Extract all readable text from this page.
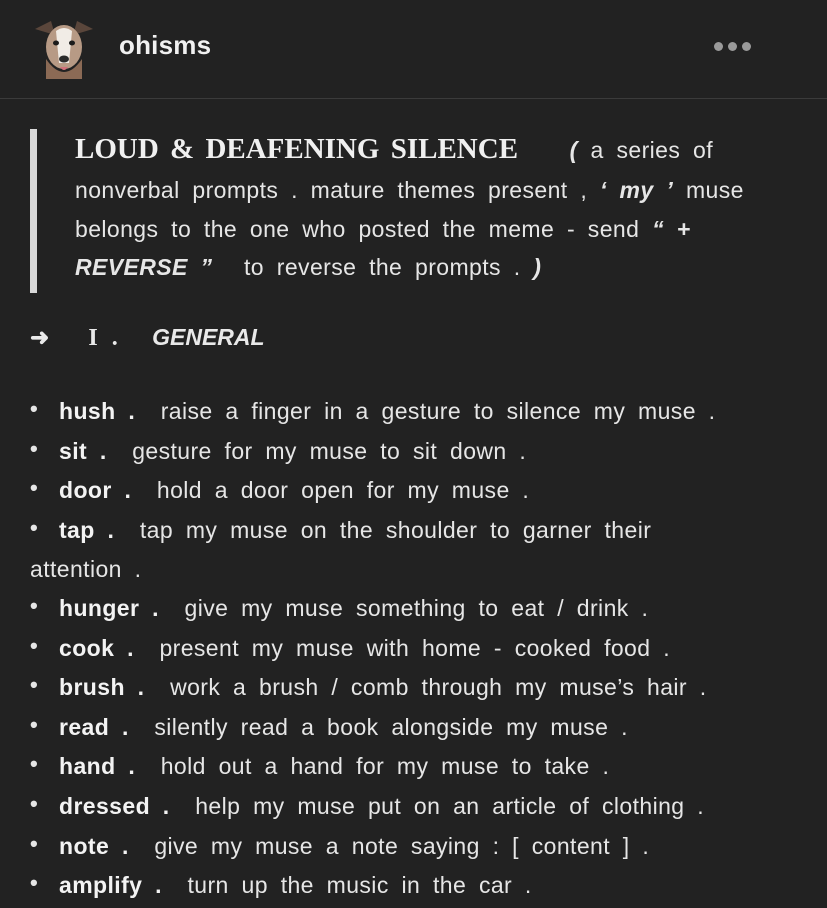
ohisms
LOUD & DEAFENING SILENCE ( a series of
nonverbal prompts . mature themes present , ‘ my ’ muse
belongs to the one who posted the meme - send “ +
REVERSE ” to reverse the prompts . )
➜ I . GENERAL
• hush . raise a finger in a gesture to silence my muse .
• sit . gesture for my muse to sit down .
• door . hold a door open for my muse .
• tap . tap my muse on the shoulder to garner their
attention .
• hunger . give my muse something to eat / drink .
• cook . present my muse with home - cooked food .
• brush . work a brush / comb through my muse’s hair .
• read . silently read a book alongside my muse .
• hand . hold out a hand for my muse to take .
• dressed . help my muse put on an article of clothing .
• note . give my muse a note saying : [ content ] .
• amplify . turn up the music in the car .
